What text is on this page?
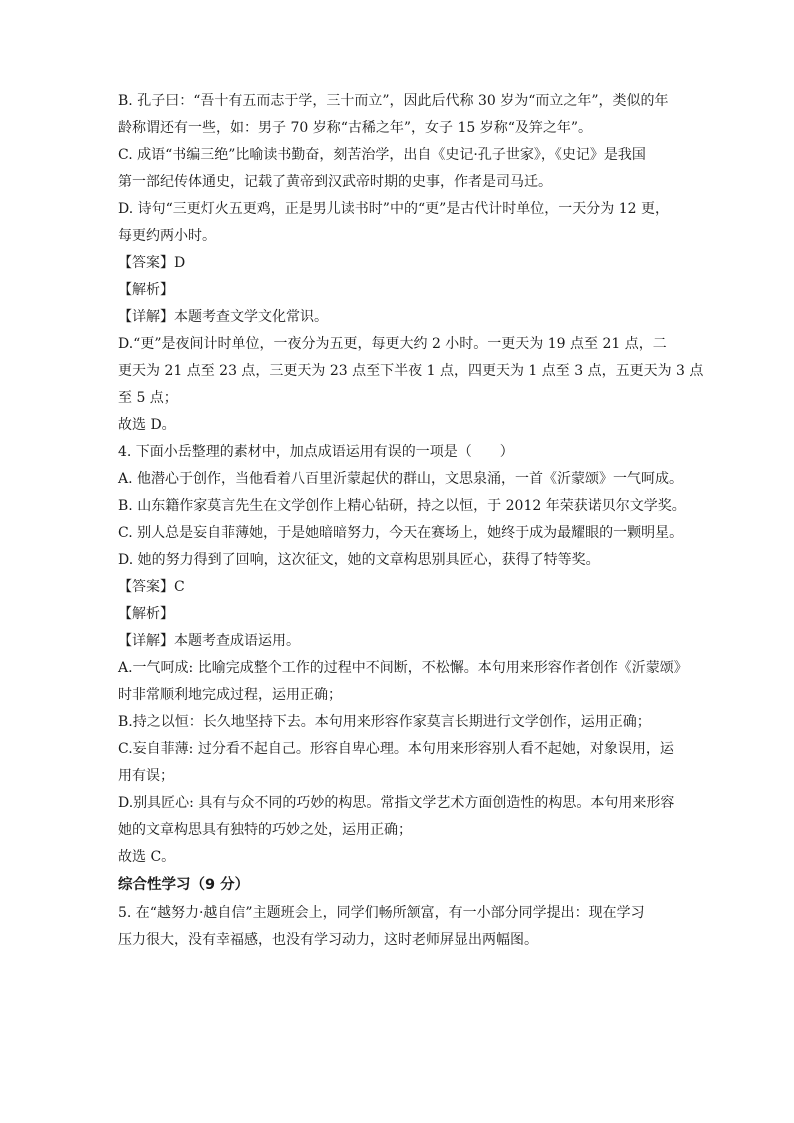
B. 孔子曰：“吾十有五而志于学，三十而立”，因此后代称 30 岁为“而立之年”，类似的年
龄称谓还有一些，如：男子 70 岁称“古稀之年”，女子 15 岁称“及笄之年”。
C. 成语“书编三绝”比喻读书勤奋，刻苦治学，出自《史记·孔子世家》，《史记》是我国
第一部纪传体通史，记载了黄帝到汉武帝时期的史事，作者是司马迁。
D. 诗句“三更灯火五更鸡，正是男儿读书时”中的“更”是古代计时单位，一天分为 12 更，
每更约两小时。
【答案】D
【解析】
【详解】本题考查文学文化常识。
D.“更”是夜间计时单位，一夜分为五更，每更大约 2 小时。一更天为 19 点至 21 点，二
更天为 21 点至 23 点，三更天为 23 点至下半夜 1 点，四更天为 1 点至 3 点，五更天为 3 点
至 5 点；
故选 D。
4. 下面小岳整理的素材中，加点成语运用有误的一项是（　　）
A. 他潜心于创作，当他看着八百里沂蒙起伏的群山，文思泉涌，一首《沂蒙颂》一气呵成。
B. 山东籍作家莫言先生在文学创作上精心钻研，持之以恒，于 2012 年荣获诺贝尔文学奖。
C. 别人总是妄自菲薄她，于是她暗暗努力，今天在赛场上，她终于成为最耀眼的一颗明星。
D. 她的努力得到了回响，这次征文，她的文章构思别具匠心，获得了特等奖。
【答案】C
【解析】
【详解】本题考查成语运用。
A.一气呵成: 比喻完成整个工作的过程中不间断，不松懈。本句用来形容作者创作《沂蒙颂》
时非常顺利地完成过程，运用正确；
B.持之以恒：长久地坚持下去。本句用来形容作家莫言长期进行文学创作，运用正确；
C.妄自菲薄: 过分看不起自己。形容自卑心理。本句用来形容别人看不起她，对象误用，运
用有误；
D.别具匠心: 具有与众不同的巧妙的构思。常指文学艺术方面创造性的构思。本句用来形容
她的文章构思具有独特的巧妙之处，运用正确；
故选 C。
综合性学习（9 分）
5. 在“越努力·越自信”主题班会上，同学们畅所颔富，有一小部分同学提出：现在学习
压力很大，没有幸福感，也没有学习动力，这时老师屏显出两幅图。
